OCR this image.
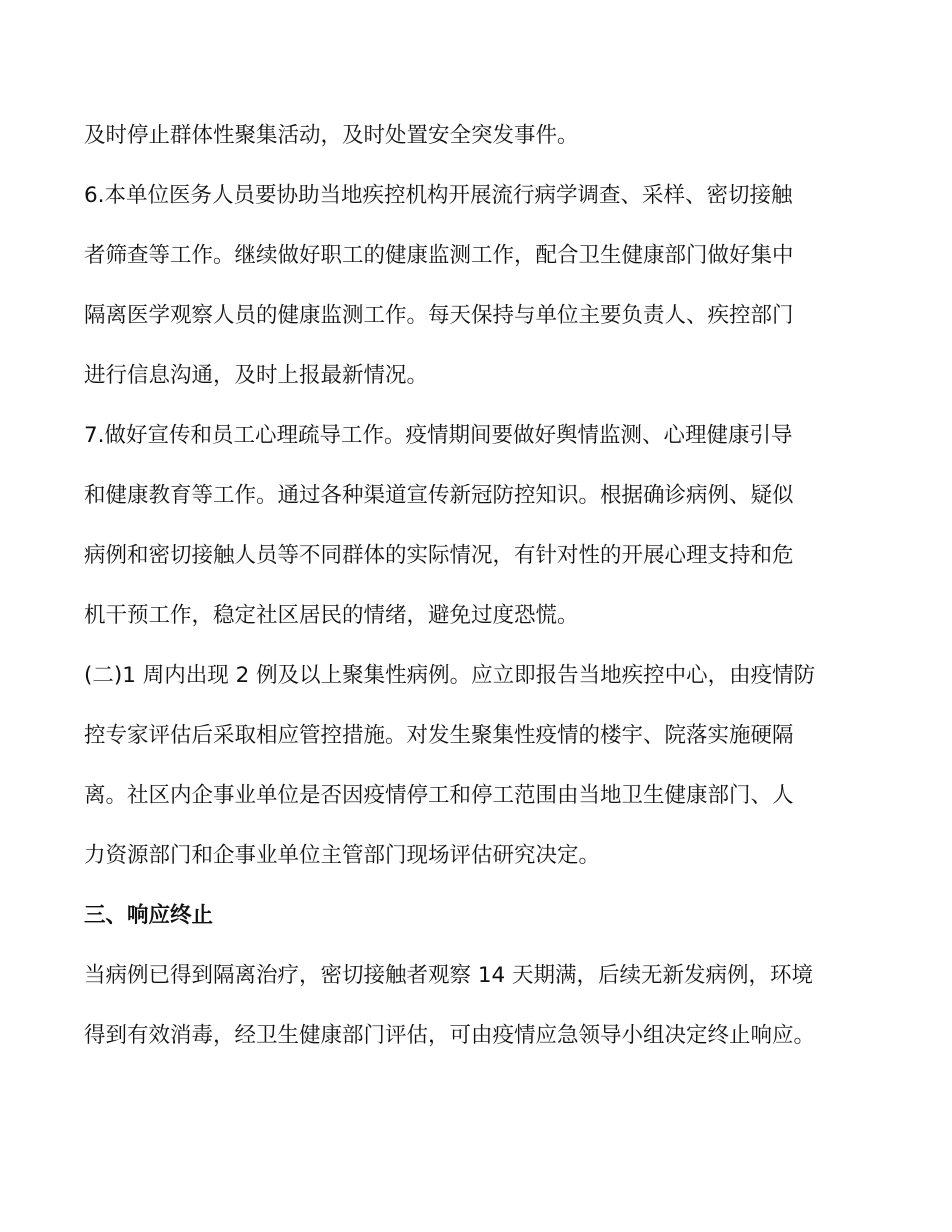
及时停止群体性聚集活动，及时处置安全突发事件。
6.本单位医务人员要协助当地疾控机构开展流行病学调查、采样、密切接触
者筛查等工作。继续做好职工的健康监测工作，配合卫生健康部门做好集中
隔离医学观察人员的健康监测工作。每天保持与单位主要负责人、疾控部门
进行信息沟通，及时上报最新情况。
7.做好宣传和员工心理疏导工作。疫情期间要做好舆情监测、心理健康引导
和健康教育等工作。通过各种渠道宣传新冠防控知识。根据确诊病例、疑似
病例和密切接触人员等不同群体的实际情况，有针对性的开展心理支持和危
机干预工作，稳定社区居民的情绪，避免过度恐慌。
(二)1 周内出现 2 例及以上聚集性病例。应立即报告当地疾控中心，由疫情防
控专家评估后采取相应管控措施。对发生聚集性疫情的楼宇、院落实施硬隔
离。社区内企事业单位是否因疫情停工和停工范围由当地卫生健康部门、人
力资源部门和企事业单位主管部门现场评估研究决定。
三、响应终止
当病例已得到隔离治疗，密切接触者观察 14 天期满，后续无新发病例，环境
得到有效消毒，经卫生健康部门评估，可由疫情应急领导小组决定终止响应。
